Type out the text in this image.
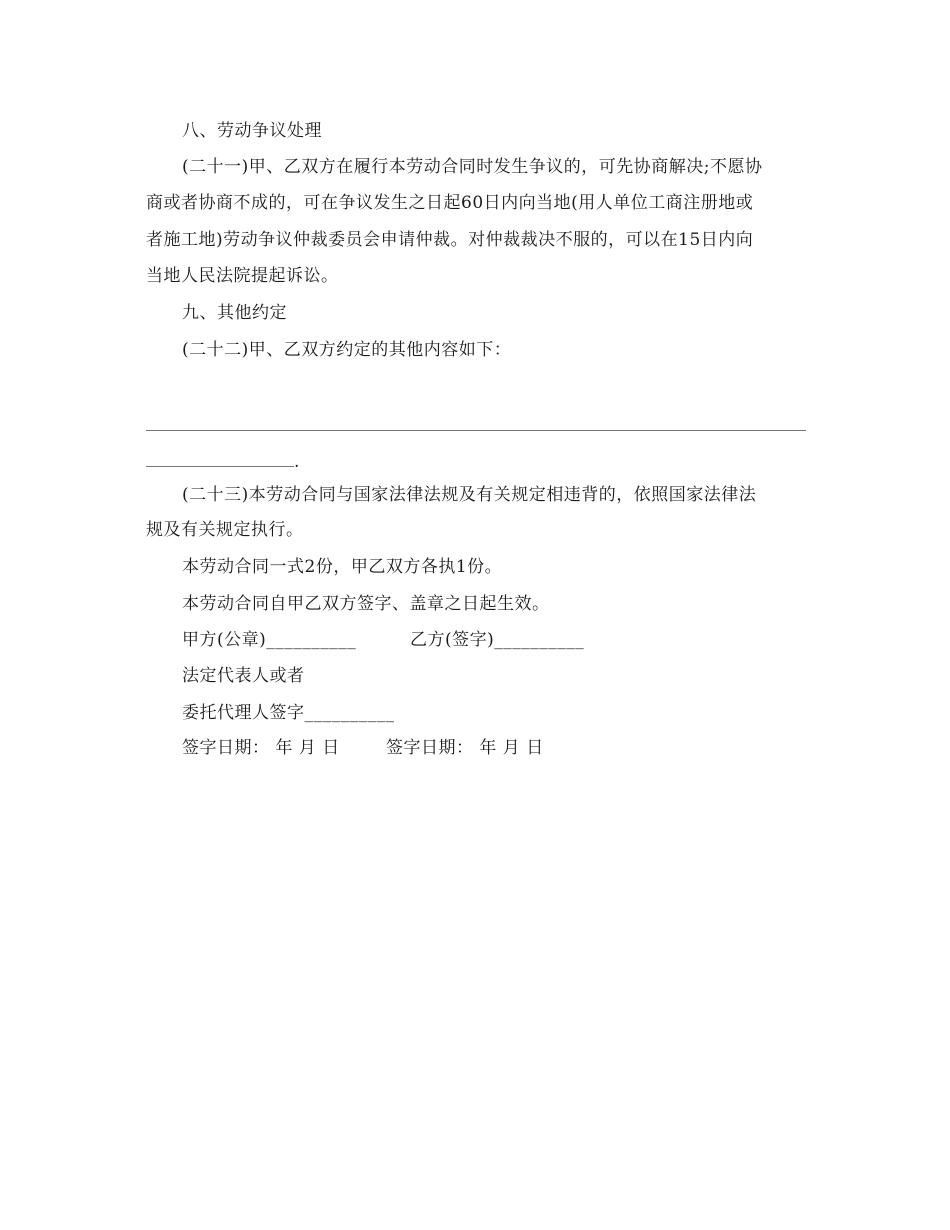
八、劳动争议处理
(二十一)甲、乙双方在履行本劳动合同时发生争议的，可先协商解决;不愿协
商或者协商不成的，可在争议发生之日起60日内向当地(用人单位工商注册地或
者施工地)劳动争议仲裁委员会申请仲裁。对仲裁裁决不服的，可以在15日内向
当地人民法院提起诉讼。
九、其他约定
(二十二)甲、乙双方约定的其他内容如下：
.
(二十三)本劳动合同与国家法律法规及有关规定相违背的，依照国家法律法
规及有关规定执行。
本劳动合同一式2份，甲乙双方各执1份。
本劳动合同自甲乙双方签字、盖章之日起生效。
甲方(公章)__________	乙方(签字)__________
法定代表人或者
委托代理人签字__________
签字日期： 年 月 日	签字日期： 年 月 日
